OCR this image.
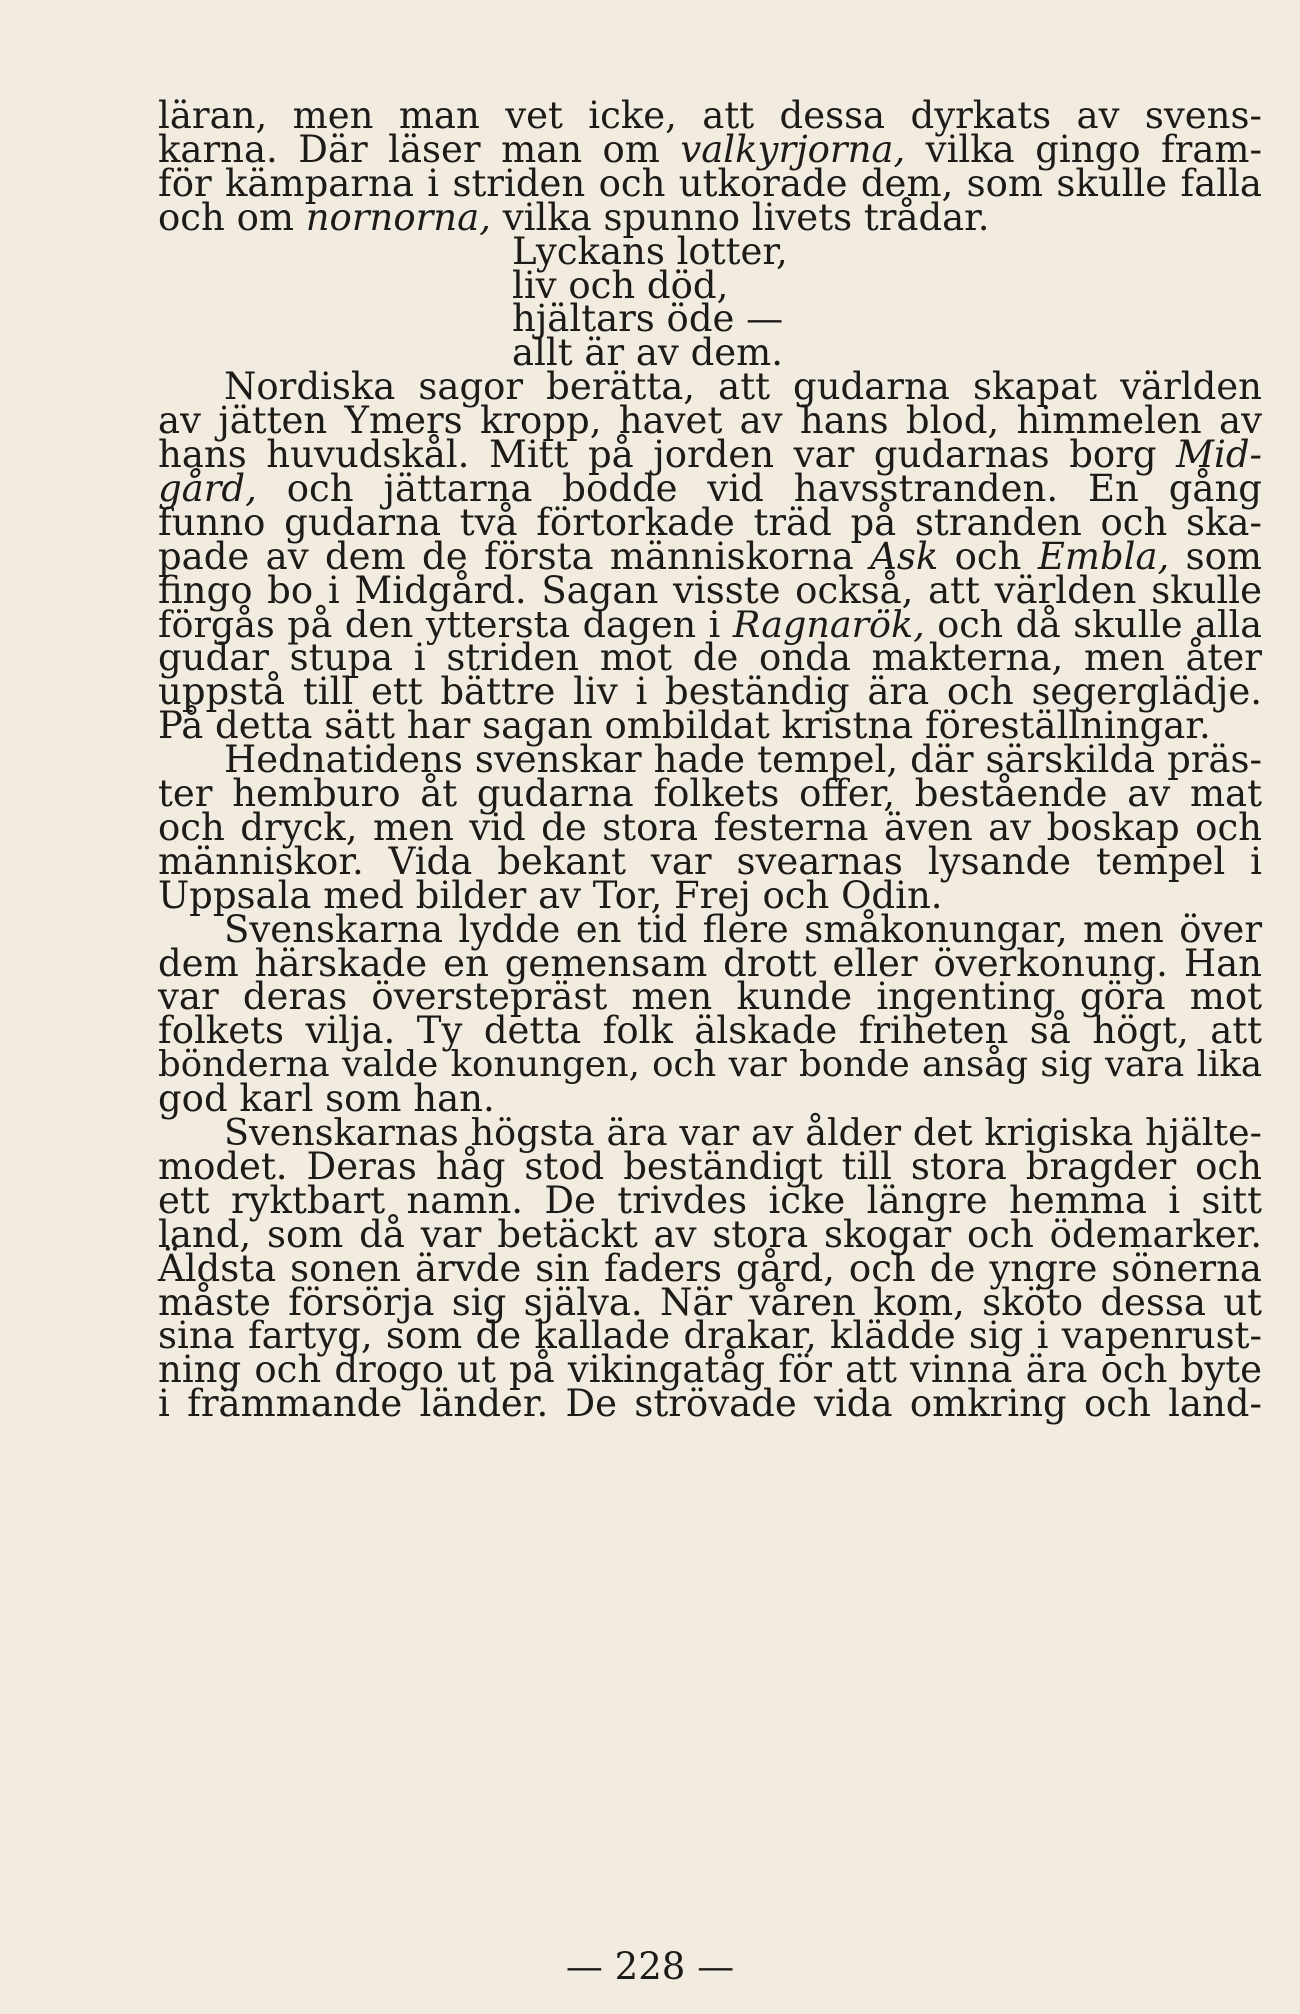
läran, men man vet icke, att dessa dyrkats av svens-
karna. Där läser man om valkyrjorna, vilka gingo fram-
för kämparna i striden och utkorade dem, som skulle falla
och om nornorna, vilka spunno livets trådar.
Lyckans lotter,
liv och död,
hjältars öde —
allt är av dem.
Nordiska sagor berätta, att gudarna skapat världen
av jätten Ymers kropp, havet av hans blod, himmelen av
hans huvudskål. Mitt på jorden var gudarnas borg Mid-
gård, och jättarna bodde vid havsstranden. En gång
funno gudarna två förtorkade träd på stranden och ska-
pade av dem de första människorna Ask och Embla, som
fingo bo i Midgård. Sagan visste också, att världen skulle
förgås på den yttersta dagen i Ragnarök, och då skulle alla
gudar stupa i striden mot de onda makterna, men åter
uppstå till ett bättre liv i beständig ära och segerglädje.
På detta sätt har sagan ombildat kristna föreställningar.
Hednatidens svenskar hade tempel, där särskilda präs-
ter hemburo åt gudarna folkets offer, bestående av mat
och dryck, men vid de stora festerna även av boskap och
människor. Vida bekant var svearnas lysande tempel i
Uppsala med bilder av Tor, Frej och Odin.
Svenskarna lydde en tid flere småkonungar, men över
dem härskade en gemensam drott eller överkonung. Han
var deras överstepräst men kunde ingenting göra mot
folkets vilja. Ty detta folk älskade friheten så högt, att
bönderna valde konungen, och var bonde ansåg sig vara lika
god karl som han.
Svenskarnas högsta ära var av ålder det krigiska hjälte-
modet. Deras håg stod beständigt till stora bragder och
ett ryktbart namn. De trivdes icke längre hemma i sitt
land, som då var betäckt av stora skogar och ödemarker.
Äldsta sonen ärvde sin faders gård, och de yngre sönerna
måste försörja sig själva. När våren kom, sköto dessa ut
sina fartyg, som de kallade drakar, klädde sig i vapenrust-
ning och drogo ut på vikingatåg för att vinna ära och byte
i främmande länder. De strövade vida omkring och land-
— 228 —
